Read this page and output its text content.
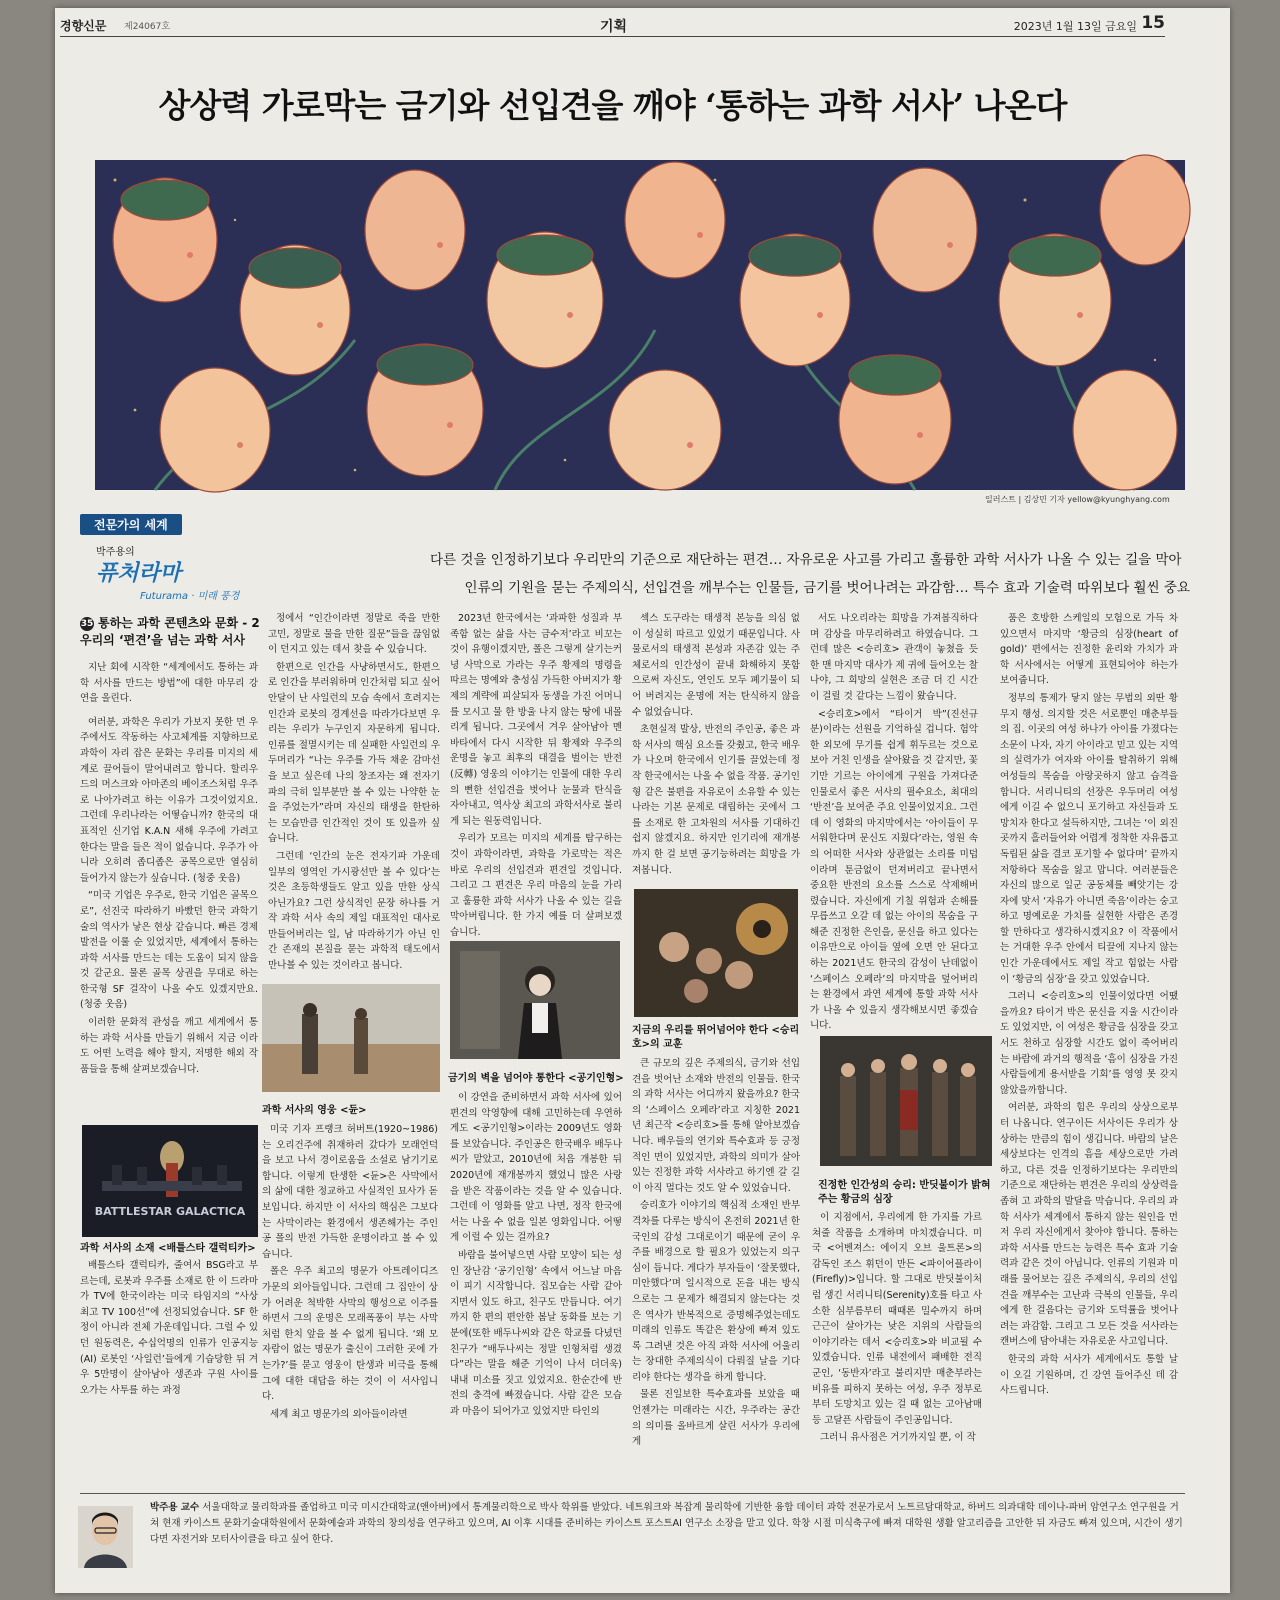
경향신문 제24067호	기획	2023년 1월 13일 금요일 15
상상력 가로막는 금기와 선입견을 깨야 ‘통하는 과학 서사’ 나온다
일러스트 | 김상민 기자 yellow@kyunghyang.com
전문가의 세계
박주용의
퓨처라마
Futurama · 미래 풍경
다른 것을 인정하기보다 우리만의 기준으로 재단하는 편견… 자유로운 사고를 가리고 훌륭한 과학 서사가 나올 수 있는 길을 막아
인류의 기원을 묻는 주제의식, 선입견을 깨부수는 인물들, 금기를 벗어나려는 과감함… 특수 효과 기술력 따위보다 훨씬 중요
35 통하는 과학 콘텐츠와 문화 - 2 우리의 ‘편견’을 넘는 과학 서사

지난 회에 시작한 “세계에서도 통하는 과학 서사를 만드는 방법”에 대한 마무리 강연을 올린다.

여러분, 과학은 우리가 가보지 못한 먼 우주에서도 작동하는 사고체계를 지향하므로 과학이 자리 잡은 문화는 우리를 미지의 세계로 끌어들이 말어내려고 합니다. 할리우드의 머스크와 아마존의 베이조스처럼 우주로 나아가려고 하는 이유가 그것이었지요. 그런데 우리나라는 어떻습니까? 한국의 대표적인 신기업 K.A.N 새해 우주에 가려고 한다는 말을 들은 적이 없습니다. 우주가 아니라 오히려 좁디좁은 공목으로만 열심히 들어가지 않는가 싶습니다. (청중 웃음)

“미국 기업은 우주로, 한국 기업은 골목으로”, 선진국 따라하기 바빴던 한국 과학기술의 역사가 낳은 현상 같습니다. 빠른 경제 발전을 이룰 순 있었지만, 세계에서 통하는 과학 서사를 만드는 데는 도움이 되지 않을 것 같군요. 물론 골목 상권을 무대로 하는 한국형 SF 걸작이 나올 수도 있겠지만요. (청중 웃음)

이러한 문화적 관성을 깨고 세계에서 통하는 과학 서사를 만들기 위해서 지금 이라도 어떤 노력을 해야 할지, 저명한 해외 작품들을 통해 살펴보겠습니다.

BATTLESTAR GALACTICA
과학 서사의 소재 <배틀스타 갤럭티카>

배틀스타 갤럭티카, 줄여서 BSG라고 부르는데, 로봇과 우주를 소재로 한 이 드라마가 TV에 한국이라는 미국 타임지의 “사상 최고 TV 100선”에 선정되었습니다. SF 한정이 아니라 전체 가운데입니다. 그럴 수 있던 원동력은, 수십억명의 인류가 인공지능(AI) 로봇인 ‘사일런’들에게 기습당한 뒤 겨우 5만명이 살아남아 생존과 구원 사이를 오가는 사투를 하는 과정

정에서 “인간이라면 정말로 죽을 만한 고민, 정말로 물을 만한 질문”들을 끊임없이 던지고 있는 데서 찾을 수 있습니다.

한편으로 인간을 사냥하면서도, 한편으로 인간을 부러워하며 인간처럼 되고 싶어 안달이 난 사일런의 모습 속에서 흐려지는 인간과 로봇의 경계선을 따라가다보면 우리는 우리가 누구인지 자문하게 됩니다. 인류를 절멸시키는 데 실패한 사일런의 우두머리가 “나는 우주를 가득 채운 감마선을 보고 싶은데 나의 창조자는 왜 전자기파의 극히 일부분만 볼 수 있는 나약한 눈을 주었는가”라며 자신의 태생을 한탄하는 모습만큼 인간적인 것이 또 있을까 싶습니다.

그런데 ‘인간의 눈은 전자기파 가운데 일부의 영역인 가시광선만 볼 수 있다’는 것은 초등학생들도 알고 있을 만한 상식 아닌가요? 그런 상식적인 문장 하나를 거작 과학 서사 속의 제일 대표적인 대사로 만들어버리는 일, 남 따라하기가 아닌 인간 존재의 본질을 묻는 과학적 태도에서 만나볼 수 있는 것이라고 봅니다.

과학 서사의 영웅 <듄>

미국 기자 프랭크 허버트(1920~1986)는 오리건주에 취재하러 갔다가 모래언덕을 보고 나서 경이로움을 소설로 남기기로 합니다. 이렇게 탄생한 <듄>은 사막에서의 삶에 대한 정교하고 사실적인 묘사가 돋보입니다. 하지만 이 서사의 핵심은 그보다는 사막이라는 환경에서 생존해가는 주인공 폴의 반전 가득한 운명이라고 볼 수 있습니다.

폴은 우주 최고의 명문가 아트레이디즈 가문의 외아들입니다. 그런데 그 집안이 상가 어려운 척박한 사막의 행성으로 이주를 하면서 그의 운명은 모래폭풍이 부는 사막처럼 한치 앞을 볼 수 없게 됩니다. ‘왜 모자람이 없는 명문가 출신이 그러한 곳에 가는가?’를 묻고 영웅이 탄생과 비극을 통해 그에 대한 대답을 하는 것이 이 서사입니다.

세계 최고 명문가의 외아들이라면

2023년 한국에서는 ‘과파한 성질과 부족함 없는 삶을 사는 금수저’라고 비꼬는 것이 유행이겠지만, 폴은 그렇게 살기는커녕 사막으로 가라는 우주 황제의 명령을 따르는 명예와 충성심 가득한 아버지가 황제의 계략에 피살되자 동생을 가진 어머니를 모시고 물 한 방울 나지 않는 땅에 내몰리게 됩니다. 그곳에서 겨우 살아남아 멘바타에서 다시 시작한 뒤 황제와 우주의 운명을 놓고 최후의 대결을 벌이는 반전(反轉) 영웅의 이야기는 인물에 대한 우리의 뻔한 선입견을 벗어나 눈물과 탄식을 자아내고, 역사상 최고의 과학서사로 불리게 되는 원동력입니다.

우리가 모르는 미지의 세계를 탐구하는 것이 과학이라면, 과학을 가로막는 적은 바로 우리의 선입견과 편견일 것입니다. 그리고 그 편견은 우리 마음의 눈을 가리고 훌륭한 과학 서사가 나올 수 있는 길을 막아버립니다. 한 가지 예를 더 살펴보겠습니다.

금기의 벽을 넘어야 통한다 <공기인형>

이 강연을 준비하면서 과학 서사에 있어 편견의 악영향에 대해 고민하는데 우연하게도 <공기인형>이라는 2009년도 영화를 보았습니다. 주인공은 한국배우 배두나씨가 맡았고, 2010년에 처음 개봉한 뒤 2020년에 재개봉까지 했었니 많은 사랑을 받은 작품이라는 것을 알 수 있습니다. 그런데 이 영화를 알고 나면, 정작 한국에서는 나올 수 없을 일본 영화입니다. 어떻게 이럴 수 있는 걸까요?

바람을 불어넣으면 사람 모양이 되는 성인 장난감 ‘공기인형’ 속에서 어느날 마음이 피기 시작합니다. 집모습는 사람 같아지면서 있도 하고, 친구도 만듭니다. 여기까지 한 편의 편안한 봄날 동화를 보는 기분에(또한 배두나씨와 같은 학교를 다녔던 친구가 “배두나씨는 정말 인형처럼 생겼다”라는 말을 해준 기억이 나서 더더욱) 내내 미소를 짓고 있었지요. 한순간에 반전의 충격에 빠졌습니다. 사람 같은 모습과 마음이 되어가고 있었지만 타인의

섹스 도구라는 태생적 본능을 의심 없이 성실히 따르고 있었기 때문입니다. 사물로서의 태생적 본성과 자존감 있는 주체로서의 인간성이 끝내 화해하지 못함으로써 자신도, 연인도 모두 폐기물이 되어 버려지는 운명에 저는 탄식하지 않을 수 없었습니다.

초현실적 발상, 반전의 주인공, 좋은 과학 서사의 핵심 요소를 갖췄고, 한국 배우가 나오며 한국에서 인기를 끌었는데 정작 한국에서는 나올 수 없을 작품. 공기인형 같은 불편을 자유로이 소유할 수 있는 나라는 기본 문제로 대립하는 곳에서 그를 소재로 한 고차원의 서사를 기대하긴 쉽지 않겠지요. 하지만 인기리에 재개봉까지 한 걸 보면 공기능하려는 희망을 가져봅니다.

지금의 우리를 뛰어넘어야 한다 <승리호>의 교훈

큰 규모의 깊은 주제의식, 금기와 선입견을 벗어난 소재와 반전의 인물들. 한국의 과학 서사는 어디까지 왔을까요? 한국의 ‘스페이스 오페라’라고 지칭한 2021년 최근작 <승리호>를 통해 알아보겠습니다. 배우들의 연기와 특수효과 등 긍정적인 면이 있었지만, 과학의 의미가 살아있는 진정한 과학 서사라고 하기엔 갈 길이 아직 멀다는 것도 알 수 있었습니다.

승리호가 이야기의 핵심적 소재인 반부격차를 다루는 방식이 온전히 2021년 한국인의 감성 그대로이기 때문에 굳이 우주를 배경으로 할 필요가 있었는지 의구심이 듭니다. 게다가 부자들이 ‘잘못했다, 미안했다’며 일시적으로 돈을 내는 방식으로는 그 문제가 해결되지 않는다는 것은 역사가 반복적으로 증명해주었는데도 미래의 인류도 똑같은 환상에 빠져 있도록 그려낸 것은 아직 과학 서사에 어울리는 장대한 주제의식이 다뤄질 날을 기다리야 한다는 생각을 하게 합니다.

물론 진일보한 특수효과를 보았을 때 언젠가는 미래라는 시간, 우주라는 공간의 의미를 올바르게 살린 서사가 우리에게

서도 나오리라는 희망을 가져봅직하다며 감상을 마무리하려고 하였습니다. 그런데 많은 <승리호> 관객이 놓쳤을 듯한 맨 마지막 대사가 제 귀에 들어오는 찰나야, 그 희망의 실현은 조금 더 긴 시간이 걸릴 것 같다는 느낌이 왔습니다.

<승리호>에서 “타이거 박”(진선규 분)이라는 선원을 기억하실 겁니다. 험악한 외모에 무기를 쉽게 휘두르는 것으로 보아 거친 인생을 살아왔을 것 같지만, 꽃기만 기르는 아이에게 구원을 가져다준 인물로서 좋은 서사의 필수요소, 최대의 ‘반전’을 보여준 주요 인물이었지요. 그런데 이 영화의 마지막에서는 ‘아이들이 무서워한다며 문신도 지웠다’라는, 영원 속의 어떠한 서사와 상관없는 소리를 미덥이라며 툰금없이 던져버리고 끝나면서 중요한 반전의 요소를 스스로 삭제해버렸습니다. 자신에게 기칠 위험과 손해를 무릅쓰고 오갈 데 없는 아이의 목숨을 구해준 진정한 은인을, 문신을 하고 있다는 이유만으로 아이들 옆에 오면 안 된다고 하는 2021년도 한국의 감성이 난데없이 ‘스페이스 오페라’의 마지막을 덮어버리는 환경에서 과연 세계에 통할 과학 서사가 나올 수 있을지 생각해보시면 좋겠습니다.

진정한 인간성의 승리: 반딧불이가 밝혀주는 황금의 심장

이 지점에서, 우리에게 한 가지를 가르쳐줄 작품을 소개하며 마치겠습니다. 미국 <어벤져스: 에이지 오브 울트론>의 감독인 조스 휘던이 만든 <파이어플라이(Firefly)>입니다. 할 그대로 반딧불이처럼 생긴 서리니티(Serenity)호를 타고 사소한 심부름부터 때때론 밀수까지 하며 근근이 살아가는 낮은 지위의 사람들의 이야기라는 데서 <승리호>와 비교될 수 있겠습니다. 인류 내전에서 패배한 전직 군인, ‘동반자’라고 불리지만 매춘부라는 비유를 피하지 못하는 여성, 우주 정부로부터 도망치고 있는 걸 때 없는 고아남매 등 고달픈 사람들이 주인공입니다.

그러니 유사점은 거기까지일 뿐, 이 작

품은 호방한 스케일의 모험으로 가득 차 있으면서 마지막 ‘황금의 심장(heart of gold)’ 편에서는 진정한 윤리와 가치가 과학 서사에서는 어떻게 표현되어야 하는가 보여줍니다.

정부의 통제가 닿지 않는 무법의 외딴 황무지 행성. 의지할 것은 서로뿐인 매춘부들의 집. 이곳의 여성 하나가 아이를 가졌다는 소문이 나자, 자기 아이라고 믿고 있는 지역의 실력가가 여자와 아이를 탈취하기 위해 여성들의 목숨을 아랑곳하지 않고 습격을 합니다. 서리니티의 선장은 우두머리 여성에게 이길 수 없으니 포기하고 자신들과 도망치자 한다고 설득하지만, 그녀는 ‘이 외진 곳까지 흘러들어와 어렵게 정착한 자유롭고 독립된 삶을 결코 포기할 수 없다며’ 끝까지 저항하다 목숨을 잃고 맙니다. 여러분들은 자신의 많으로 일군 공동체를 빼앗기는 강자에 맞서 ‘자유가 아니면 죽음’이라는 숭고하고 명예로운 가치를 실현한 사람은 존경할 만하다고 생각하시겠지요? 이 작품에서는 거대한 우주 안에서 티끌에 지나지 않는 인간 가운데에서도 제일 작고 힘없는 사람이 ‘황금의 심장’을 갖고 있었습니다.

그러니 <승리호>의 인물이었다면 어땠을까요? 타이거 박은 문신을 지울 시간이라도 있었지만, 이 여성은 황금을 심장을 갖고서도 천하고 심장할 시간도 없이 죽어버리는 바람에 과거의 행적을 ‘흠이 심장을 가진 사람들에게 용서받을 기회’를 영영 못 갖지 않았을까합니다.

여러분, 과학의 힘은 우리의 상상으로부터 나옵니다. 연구이든 서사이든 우리가 상상하는 만큼의 힘이 생깁니다. 바람의 날은 세상보다는 인격의 흠을 세상으로만 가려 하고, 다른 것을 인정하기보다는 우리만의 기준으로 재단하는 편견은 우리의 상상력을 좁혀 고 과학의 발달을 막습니다. 우리의 과학 서사가 세계에서 통하지 않는 원인을 먼저 우리 자신에게서 찾아야 합니다. 통하는 과학 서사를 만드는 능력은 특수 효과 기술력과 같은 것이 아닙니다. 인류의 기원과 미래를 물어보는 깊은 주제의식, 우리의 선입견을 깨부수는 고난과 극복의 인물들, 우리에게 한 걸음다는 금기와 도덕률을 벗어나려는 과감함. 그리고 그 모든 것을 서사라는 캔버스에 담아내는 자유로운 사고입니다.

한국의 과학 서사가 세계에서도 통할 날이 오길 기원하며, 긴 강연 들어주신 데 감사드립니다.

박주용 교수 서울대학교 물리학과를 졸업하고 미국 미시간대학교(앤아버)에서 통계물리학으로 박사 학위를 받았다. 네트워크와 복잡계 물리학에 기반한 융합 데이터 과학 전문가로서 노트르담대학교, 하버드 의과대학 데이나-파버 암연구소 연구원을 거쳐 현재 카이스트 문화기술대학원에서 문화예술과 과학의 창의성을 연구하고 있으며, AI 이후 시대를 준비하는 카이스트 포스트AI 연구소 소장을 맡고 있다. 학창 시절 미식축구에 빠져 대학원 생활 알고리즘을 고안한 뒤 자금도 빠져 있으며, 시간이 생기다면 자전거와 모터사이클을 타고 싶어 한다.
